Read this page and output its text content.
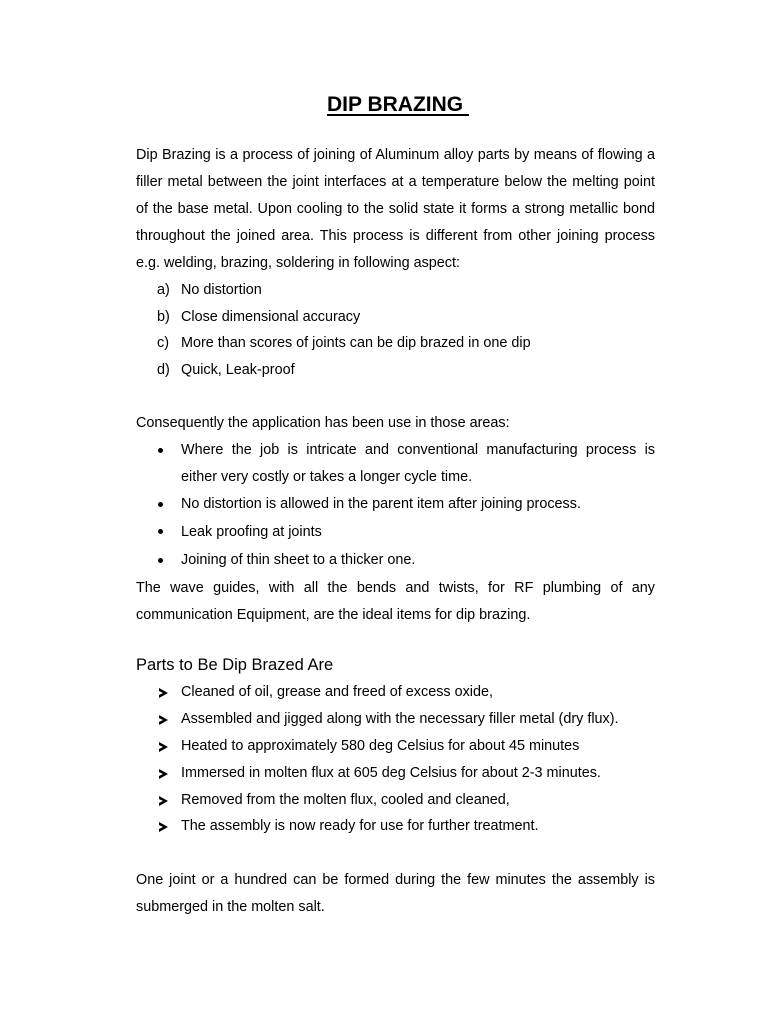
DIP BRAZING

Dip Brazing is a process of joining of Aluminum alloy parts by means of flowing a filler metal between the joint interfaces at a temperature below the melting point of the base metal. Upon cooling to the solid state it forms a strong metallic bond throughout the joined area. This process is different from other joining process e.g. welding, brazing, soldering in following aspect:

a) No distortion
b) Close dimensional accuracy
c) More than scores of joints can be dip brazed in one dip
d) Quick, Leak-proof

Consequently the application has been use in those areas:

Where the job is intricate and conventional manufacturing process is either very costly or takes a longer cycle time.
No distortion is allowed in the parent item after joining process.
Leak proofing at joints
Joining of thin sheet to a thicker one.

The wave guides, with all the bends and twists, for RF plumbing of any communication Equipment, are the ideal items for dip brazing.

Parts to Be Dip Brazed Are
Cleaned of oil, grease and freed of excess oxide,
Assembled and jigged along with the necessary filler metal (dry flux).
Heated to approximately 580 deg Celsius for about 45 minutes
Immersed in molten flux at 605 deg Celsius for about 2-3 minutes.
Removed from the molten flux, cooled and cleaned,
The assembly is now ready for use for further treatment.

One joint or a hundred can be formed during the few minutes the assembly is submerged in the molten salt.
